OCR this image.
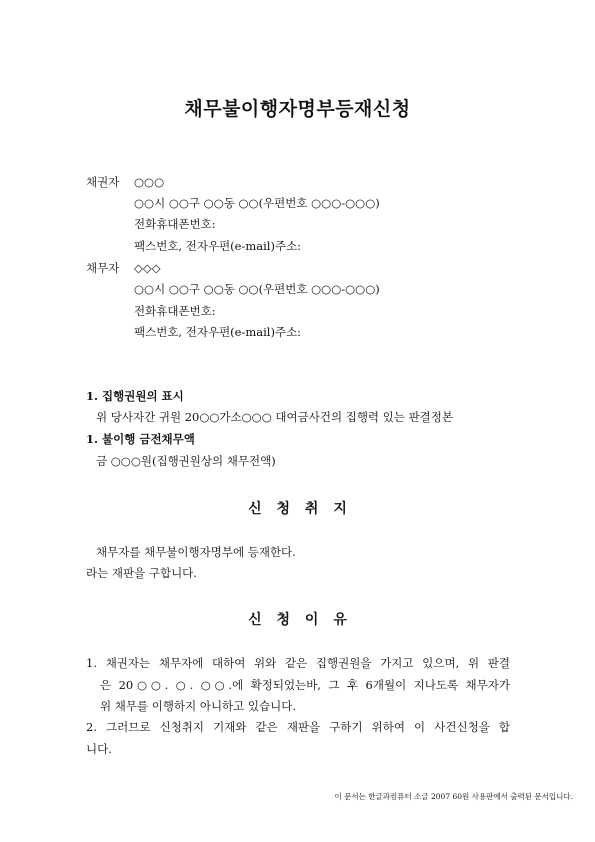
채무불이행자명부등재신청
채권자 ○○○
○○시 ○○구 ○○동 ○○(우편번호 ○○○-○○○)
전화휴대폰번호:
팩스번호, 전자우편(e-mail)주소:
채무자 ◇◇◇
○○시 ○○구 ○○동 ○○(우편번호 ○○○-○○○)
전화휴대폰번호:
팩스번호, 전자우편(e-mail)주소:
1. 집행권원의 표시
위 당사자간 귀원 20○○가소○○○ 대여금사건의 집행력 있는 판결정본
1. 불이행 금전채무액
금 ○○○원(집행권원상의 채무전액)
신 청 취 지
채무자를 채무불이행자명부에 등재한다.
라는 재판을 구합니다.
신 청 이 유
1. 채권자는 채무자에 대하여 위와 같은 집행권원을 가지고 있으며, 위 판결
은 20○○. ○. ○○.에 확정되었는바, 그 후 6개월이 지나도록 채무자가
위 채무를 이행하지 아니하고 있습니다.
2. 그러므로 신청취지 기재와 같은 재판을 구하기 위하여 이 사건신청을 합
니다.
이 문서는 한글과컴퓨터 소글 2007 60원 사용판에서 출력된 문서입니다.
